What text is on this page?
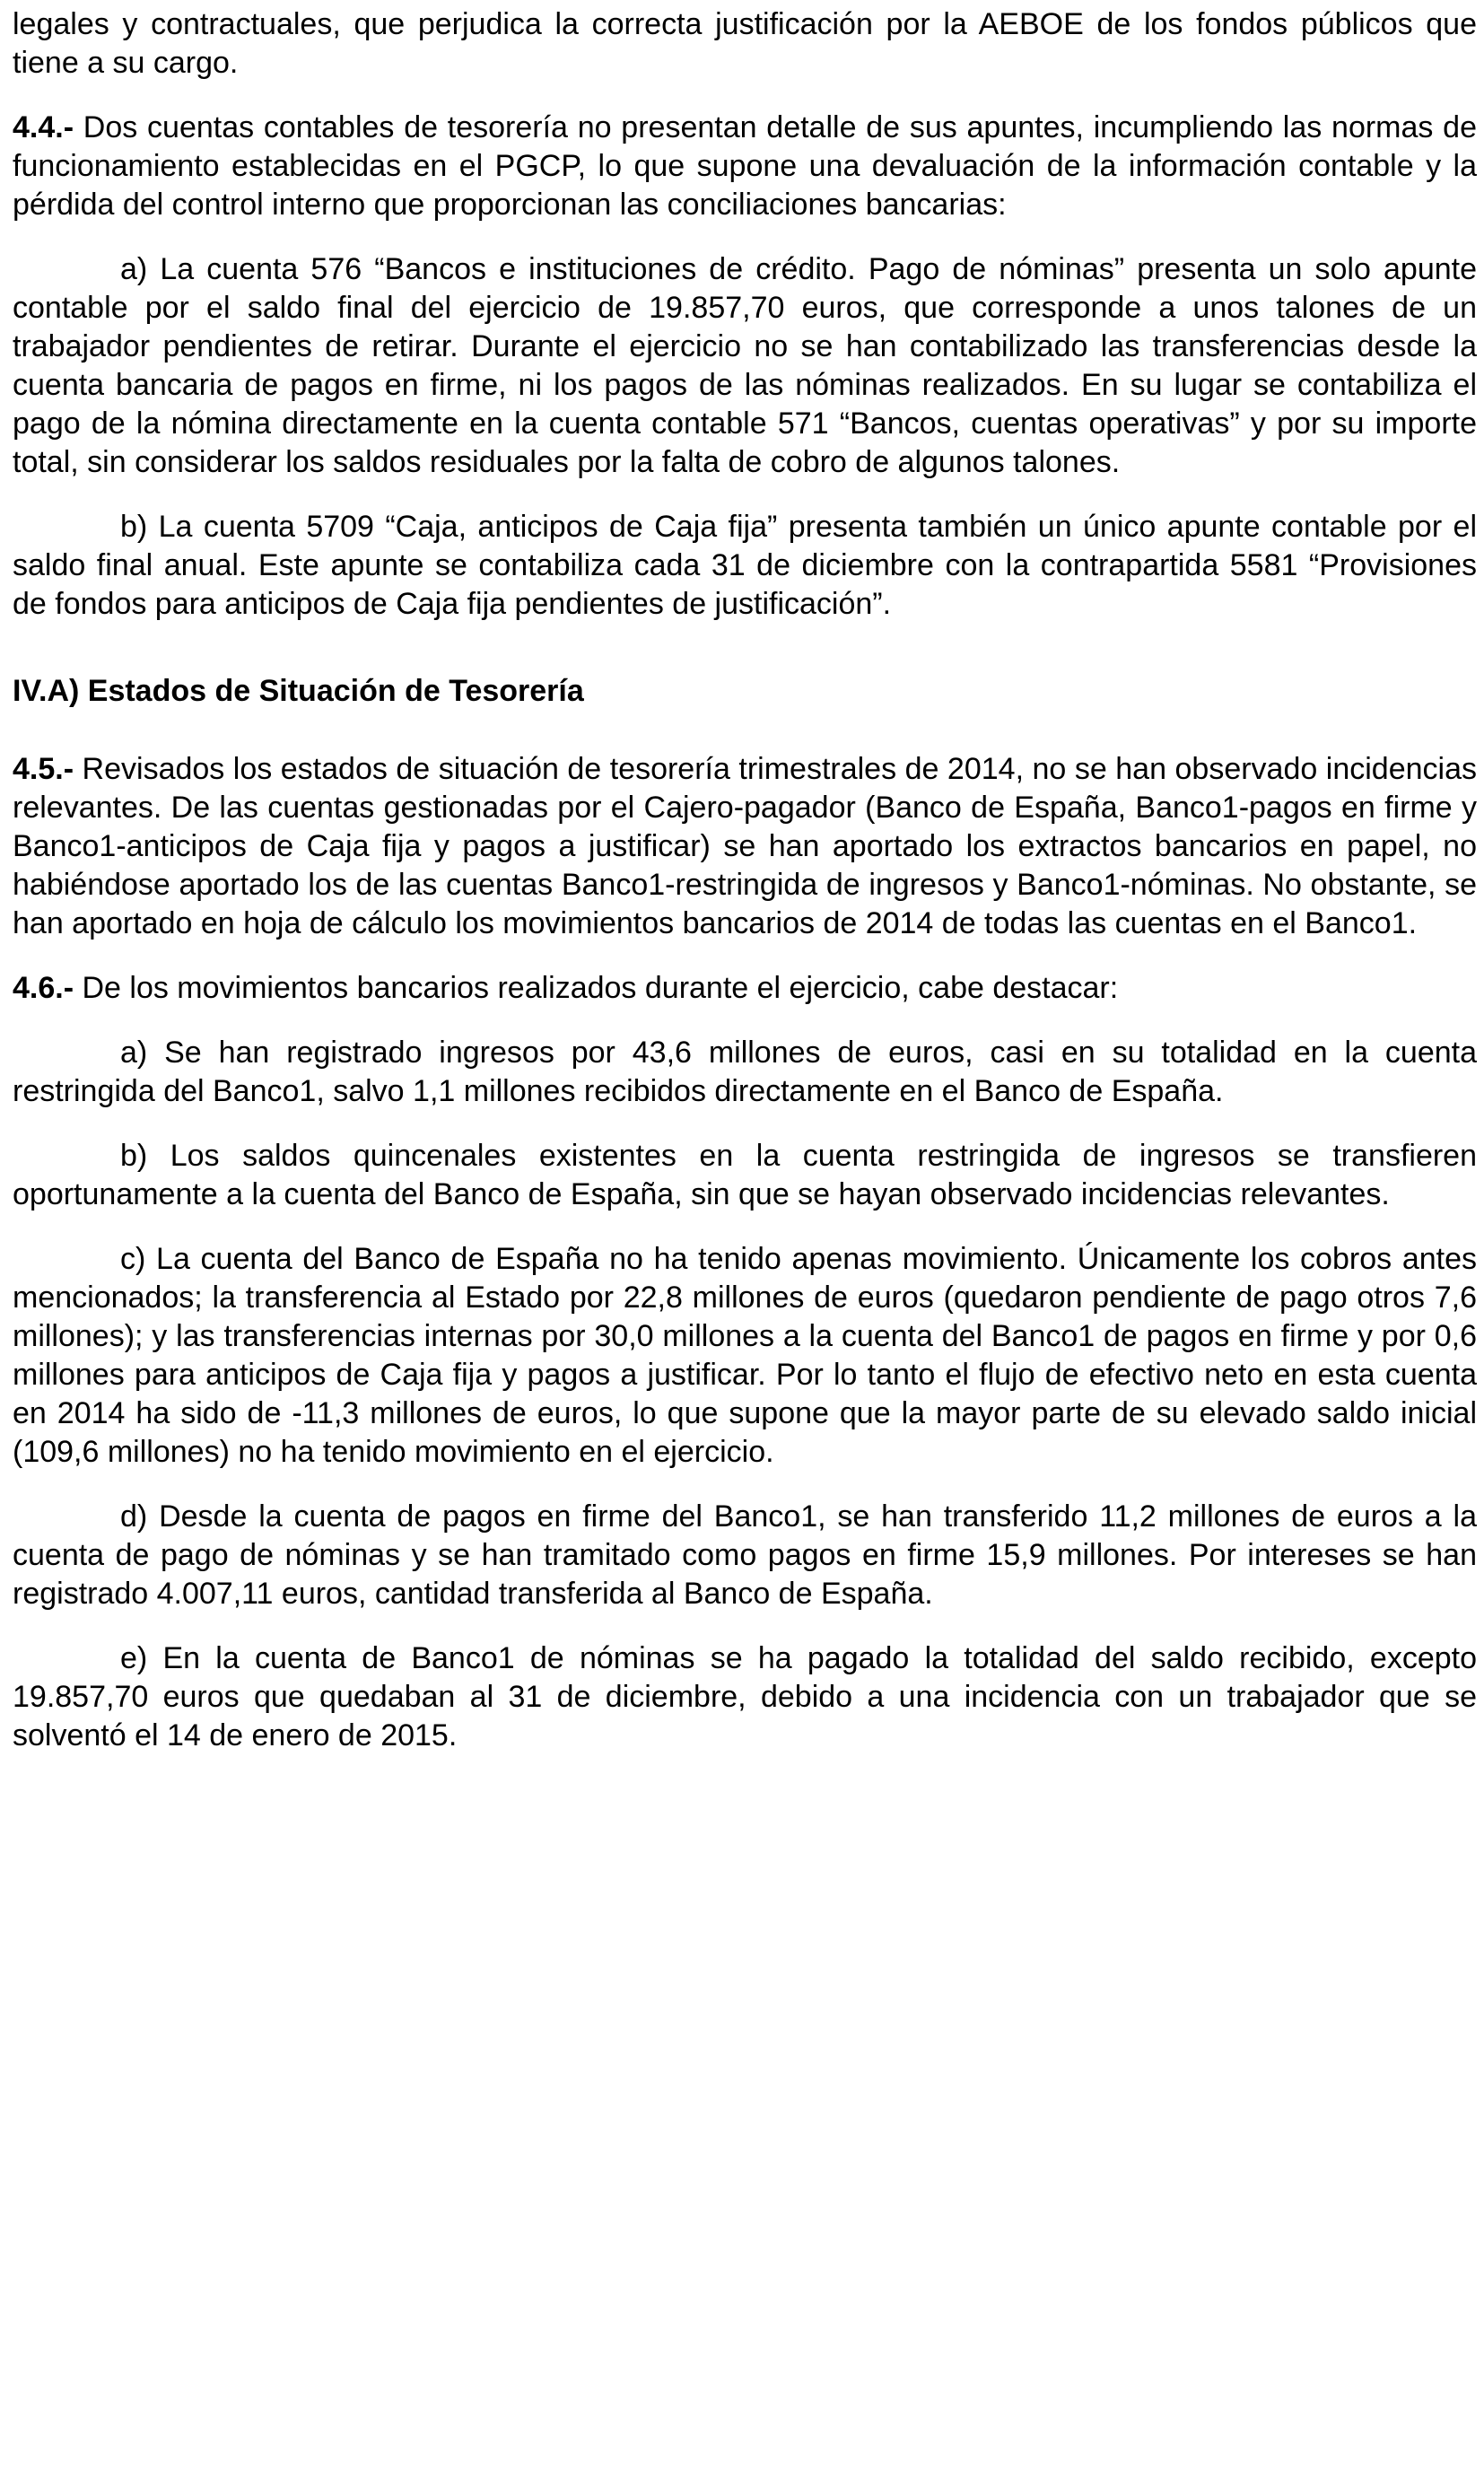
legales y contractuales, que perjudica la correcta justificación por la AEBOE de los fondos públicos que tiene a su cargo.

4.4.- Dos cuentas contables de tesorería no presentan detalle de sus apuntes, incumpliendo las normas de funcionamiento establecidas en el PGCP, lo que supone una devaluación de la información contable y la pérdida del control interno que proporcionan las conciliaciones bancarias:

a) La cuenta 576 “Bancos e instituciones de crédito. Pago de nóminas” presenta un solo apunte contable por el saldo final del ejercicio de 19.857,70 euros, que corresponde a unos talones de un trabajador pendientes de retirar. Durante el ejercicio no se han contabilizado las transferencias desde la cuenta bancaria de pagos en firme, ni los pagos de las nóminas realizados. En su lugar se contabiliza el pago de la nómina directamente en la cuenta contable 571 “Bancos, cuentas operativas” y por su importe total, sin considerar los saldos residuales por la falta de cobro de algunos talones.

b) La cuenta 5709 “Caja, anticipos de Caja fija” presenta también un único apunte contable por el saldo final anual. Este apunte se contabiliza cada 31 de diciembre con la contrapartida 5581 “Provisiones de fondos para anticipos de Caja fija pendientes de justificación”.

IV.A) Estados de Situación de Tesorería

4.5.- Revisados los estados de situación de tesorería trimestrales de 2014, no se han observado incidencias relevantes. De las cuentas gestionadas por el Cajero-pagador (Banco de España, Banco1-pagos en firme y Banco1-anticipos de Caja fija y pagos a justificar) se han aportado los extractos bancarios en papel, no habiéndose aportado los de las cuentas Banco1-restringida de ingresos y Banco1-nóminas. No obstante, se han aportado en hoja de cálculo los movimientos bancarios de 2014 de todas las cuentas en el Banco1.

4.6.- De los movimientos bancarios realizados durante el ejercicio, cabe destacar:

a) Se han registrado ingresos por 43,6 millones de euros, casi en su totalidad en la cuenta restringida del Banco1, salvo 1,1 millones recibidos directamente en el Banco de España.

b) Los saldos quincenales existentes en la cuenta restringida de ingresos se transfieren oportunamente a la cuenta del Banco de España, sin que se hayan observado incidencias relevantes.

c) La cuenta del Banco de España no ha tenido apenas movimiento. Únicamente los cobros antes mencionados; la transferencia al Estado por 22,8 millones de euros (quedaron pendiente de pago otros 7,6 millones); y las transferencias internas por 30,0 millones a la cuenta del Banco1 de pagos en firme y por 0,6 millones para anticipos de Caja fija y pagos a justificar. Por lo tanto el flujo de efectivo neto en esta cuenta en 2014 ha sido de -11,3 millones de euros, lo que supone que la mayor parte de su elevado saldo inicial (109,6 millones) no ha tenido movimiento en el ejercicio.

d) Desde la cuenta de pagos en firme del Banco1, se han transferido 11,2 millones de euros a la cuenta de pago de nóminas y se han tramitado como pagos en firme 15,9 millones. Por intereses se han registrado 4.007,11 euros, cantidad transferida al Banco de España.

e) En la cuenta de Banco1 de nóminas se ha pagado la totalidad del saldo recibido, excepto 19.857,70 euros que quedaban al 31 de diciembre, debido a una incidencia con un trabajador que se solventó el 14 de enero de 2015.
